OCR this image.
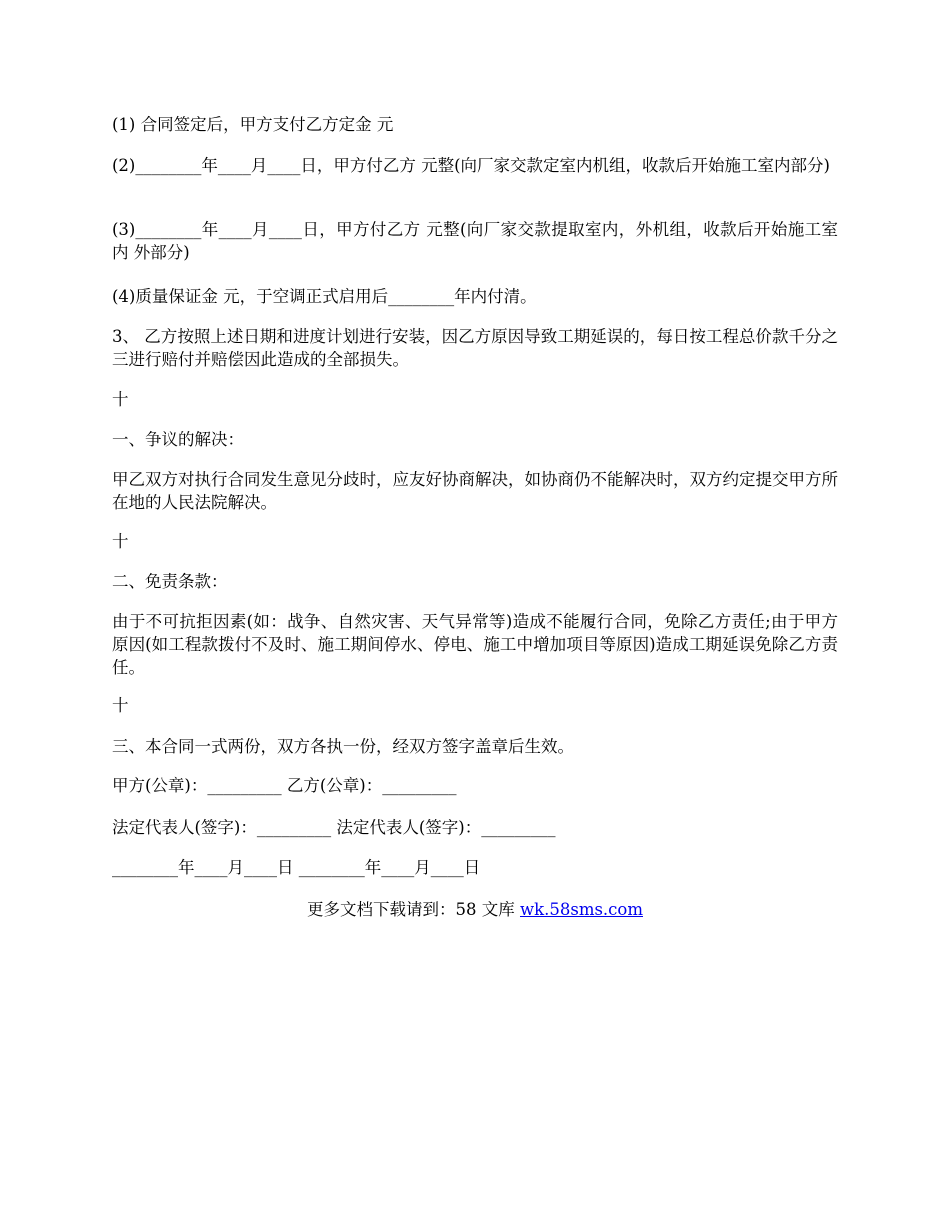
(1) 合同签定后，甲方支付乙方定金 元

(2)________年____月____日，甲方付乙方 元整(向厂家交款定室内机组，收款后开始施工室内部分)

(3)________年____月____日，甲方付乙方 元整(向厂家交款提取室内，外机组，收款后开始施工室内 外部分)

(4)质量保证金 元，于空调正式启用后________年内付清。

3、 乙方按照上述日期和进度计划进行安装，因乙方原因导致工期延误的，每日按工程总价款千分之三进行赔付并赔偿因此造成的全部损失。

十

一、争议的解决：

甲乙双方对执行合同发生意见分歧时，应友好协商解决，如协商仍不能解决时，双方约定提交甲方所在地的人民法院解决。

十

二、免责条款：

由于不可抗拒因素(如：战争、自然灾害、天气异常等)造成不能履行合同，免除乙方责任;由于甲方原因(如工程款拨付不及时、施工期间停水、停电、施工中增加项目等原因)造成工期延误免除乙方责任。

十

三、本合同一式两份，双方各执一份，经双方签字盖章后生效。

甲方(公章)：_________ 乙方(公章)：_________

法定代表人(签字)：_________ 法定代表人(签字)：_________

________年____月____日 ________年____月____日

更多文档下载请到：58 文库 wk.58sms.com
